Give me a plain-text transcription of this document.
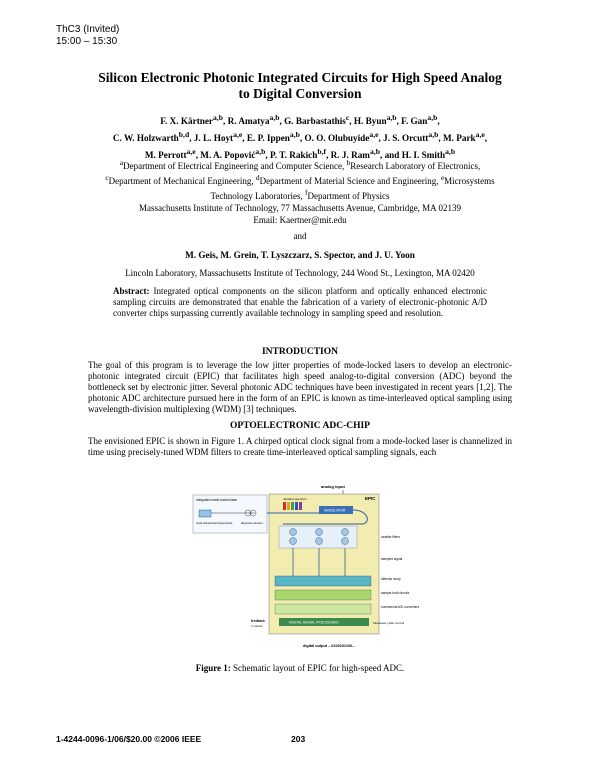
ThC3 (Invited)
15:00 – 15:30
Silicon Electronic Photonic Integrated Circuits for High Speed Analog
to Digital Conversion
F. X. Kärtner$^{a,b}$, R. Amatya$^{a,b}$, G. Barbastathis$^c$, H. Byun$^{a,b}$, F. Gan$^{a,b}$,
C. W. Holzwarth$^{b,d}$, J. L. Hoyt$^{a,e}$, E. P. Ippen$^{a,b}$, O. O. Olubuyide$^{a,e}$, J. S. Orcutt$^{a,b}$, M. Park$^{a,e}$,
M. Perrott$^{a,e}$, M. A. Popović$^{a,b}$, P. T. Rakich$^{b,f}$, R. J. Ram$^{a,b}$, and H. I. Smith$^{a,b}$
$^a$Department of Electrical Engineering and Computer Science, $^b$Research Laboratory of Electronics,
$^c$Department of Mechanical Engineering, $^d$Department of Material Science and Engineering, $^e$Microsystems
Technology Laboratories, $^f$Department of Physics
Massachusetts Institute of Technology, 77 Massachusetts Avenue, Cambridge, MA 02139
Email: Kaertner@mit.edu
and
M. Geis, M. Grein, T. Lyszczarz, S. Spector, and J. U. Yoon
Lincoln Laboratory, Massachusetts Institute of Technology, 244 Wood St., Lexington, MA 02420
Abstract: Integrated optical components on the silicon platform and optically enhanced electronic sampling circuits are demonstrated that enable the fabrication of a variety of electronic-photonic A/D converter chips surpassing currently available technology in sampling speed and resolution.
INTRODUCTION
The goal of this program is to leverage the low jitter properties of mode-locked lasers to develop an electronic-photonic integrated circuit (EPIC) that facilitates high speed analog-to-digital conversion (ADC) beyond the bottleneck set by electronic jitter. Several photonic ADC techniques have been investigated in recent years [1,2]. The photonic ADC architecture pursued here in the form of an EPIC is known as time-interleaved optical sampling using wavelength-division multiplexing (WDM) [3] techniques.
OPTOELECTRONIC ADC-CHIP
The envisioned EPIC is shown in Figure 1. A chirped optical clock signal from a mode-locked laser is channelized in time using precisely-tuned WDM filters to create time-interleaved optical sampling signals, each
Integrated mode-locked laser
mode locked laser chirped pulse	dispersive element
analog input
EPIC
ultrafast spectrum
MODULATOR
tunable filters
sampled signal
detector array
sample-hold circuits
commercial A/D converters
DIGITAL SIGNAL PROCESSING	Interleave / jitter control
feedback
λ control
digital output ...0100101100...
Figure 1: Schematic layout of EPIC for high-speed ADC.
1-4244-0096-1/06/$20.00 ©2006 IEEE	203
